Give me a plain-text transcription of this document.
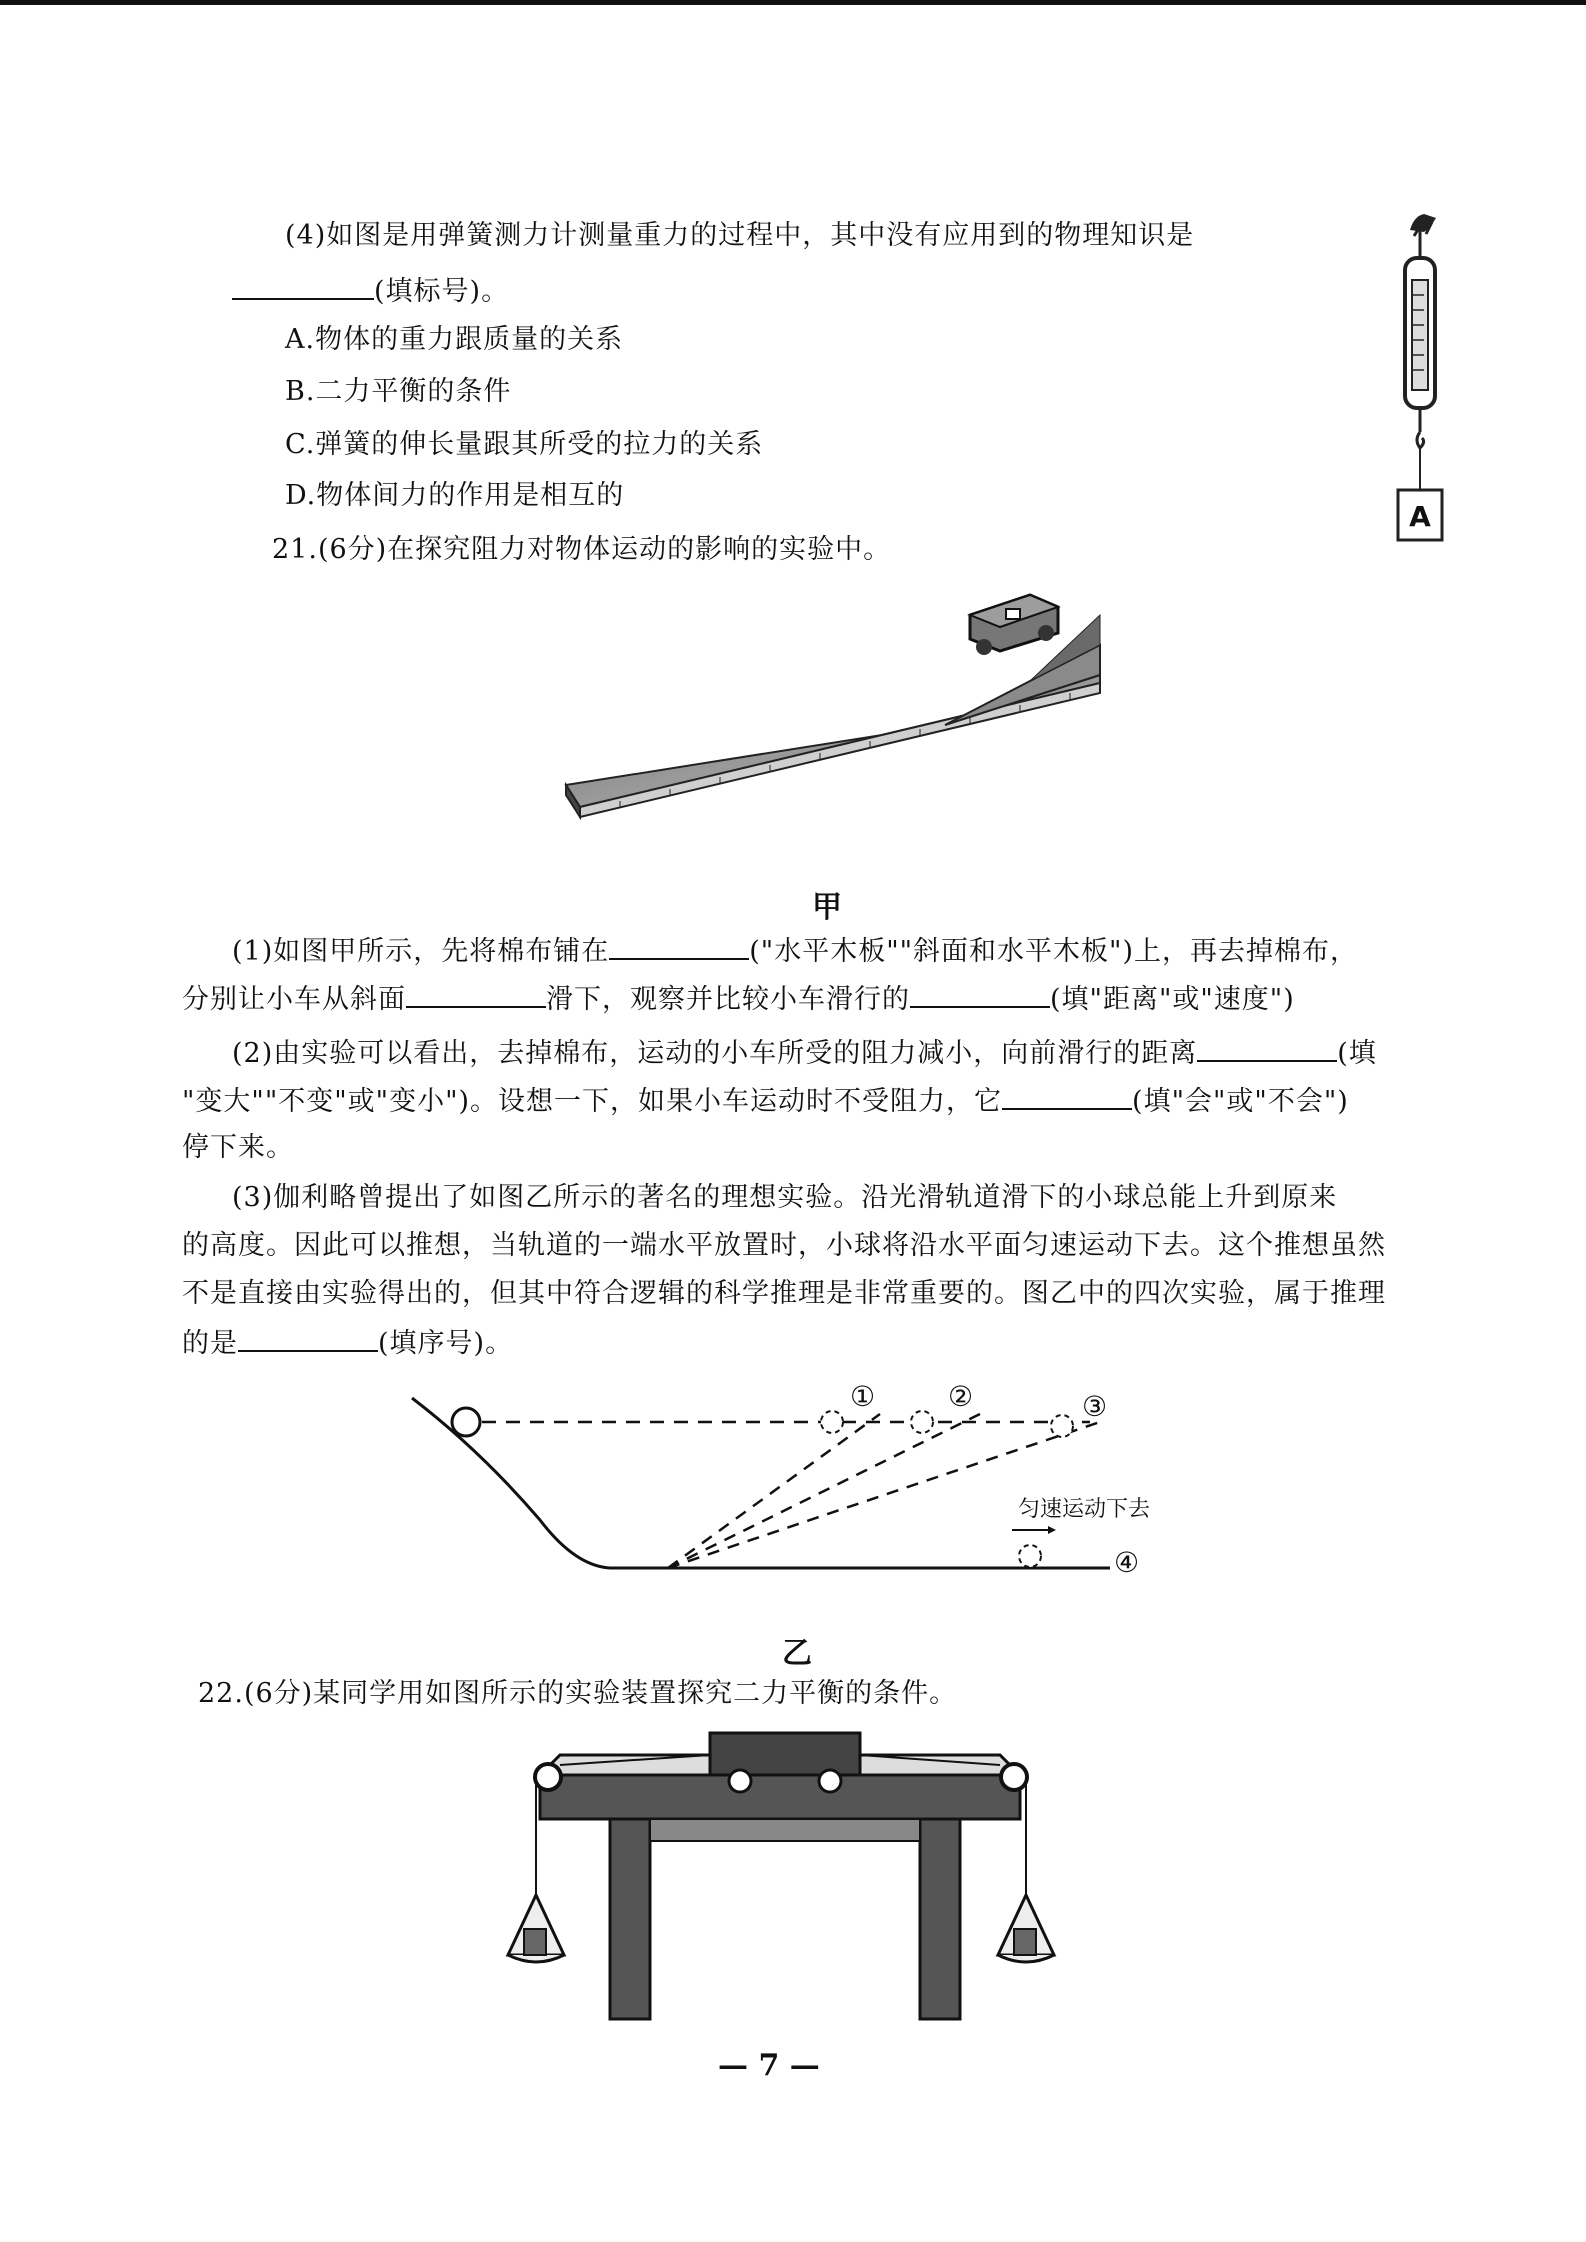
(4)如图是用弹簧测力计测量重力的过程中，其中没有应用到的物理知识是
(填标号)。
A.物体的重力跟质量的关系
B.二力平衡的条件
C.弹簧的伸长量跟其所受的拉力的关系
D.物体间力的作用是相互的
A
21.(6分)在探究阻力对物体运动的影响的实验中。
甲
(1)如图甲所示，先将棉布铺在	("水平木板""斜面和水平木板")上，再去掉棉布，
分别让小车从斜面	滑下，观察并比较小车滑行的	(填"距离"或"速度")
(2)由实验可以看出，去掉棉布，运动的小车所受的阻力减小，向前滑行的距离	(填
"变大""不变"或"变小")。设想一下，如果小车运动时不受阻力，它	(填"会"或"不会")
停下来。
(3)伽利略曾提出了如图乙所示的著名的理想实验。沿光滑轨道滑下的小球总能上升到原来
的高度。因此可以推想，当轨道的一端水平放置时，小球将沿水平面匀速运动下去。这个推想虽然
不是直接由实验得出的，但其中符合逻辑的科学推理是非常重要的。图乙中的四次实验，属于推理
的是	(填序号)。
①	②	③
④
匀速运动下去
乙
22.(6分)某同学用如图所示的实验装置探究二力平衡的条件。
— 7 —
